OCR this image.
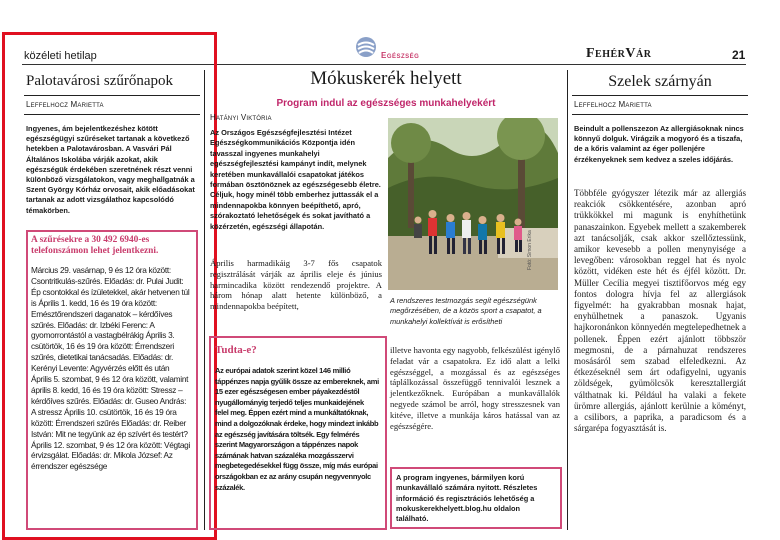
közéleti hetilap	Egészség	FehérVár	21
Palotavárosi szűrőnapok
Leffelhocz Marietta
Ingyenes, ám bejelentkezéshez kötött egészségügyi szűréseket tartanak a következő hetekben a Palotavárosban. A Vasvári Pál Általános Iskolába várják azokat, akik egészségük érdekében szeretnének részt venni különböző vizsgálatokon, vagy meghallgatnák a Szent György Kórház orvosait, akik előadásokat tartanak az adott vizsgálathoz kapcsolódó témakörben.
A szűrésekre a 30 492 6940-es telefonszámon lehet jelentkezni.
Március 29. vasárnap, 9 és 12 óra között: Csontritkulás-szűrés. Előadás: dr. Pulai Judit: Ép csontokkal és ízületekkel, akár hetvenen túl is Április 1. kedd, 16 és 19 óra között: Emésztőrendszeri daganatok – kérdőíves szűrés. Előadás: dr. Izbéki Ferenc: A gyomorrontástól a vastagbélrákig Április 3. csütörtök, 16 és 19 óra között: Érrendszeri szűrés, dietetikai tanácsadás. Előadás: dr. Kerényi Levente: Agyvérzés előtt és után Április 5. szombat, 9 és 12 óra között, valamint április 8. kedd, 16 és 19 óra között: Stressz – kérdőíves szűrés. Előadás: dr. Guseo András: A stressz Április 10. csütörtök, 16 és 19 óra között: Érrendszeri szűrés Előadás: dr. Reiber István: Mit ne tegyünk az ép szívért és testért? Április 12. szombat, 9 és 12 óra között: Végtagi érvizsgálat. Előadás: dr. Mikola József: Az érrendszer egészsége
Mókuskerék helyett
Program indul az egészséges munkahelyekért
Hatányi Viktória
Az Országos Egészségfejlesztési Intézet Egészségkommunikációs Központja idén tavasszal ingyenes munkahelyi egészségfejlesztési kampányt indít, melynek keretében munkavállalói csapatokat játékos formában ösztönöznek az egészségesebb életre. Céljuk, hogy minél több emberhez juttassák el a mindennapokba könnyen beépíthető, apró, szórakoztató lehetőségek és sokat javítható a közérzetén, egészségi állapotán.
Április harmadikáig 3-7 fős csapatok regisztrálását várják az április eleje és június harmincadika között rendezendő projektre. A három hónap alatt hetente különböző, a mindennapokba beépített,
Fotó: Simon Erika
A rendszeres testmozgás segít egészségünk megőrzésében, de a közös sport a csapatot, a munkahelyi kollektívát is erősítheti
Tudta-e?
Az európai adatok szerint közel 146 millió táppénzes napja gyűlik össze az embereknek, ami 15 ezer egészségesen ember páyakezdéstől nyugállományig terjedő teljes munkaidejének felel meg. Éppen ezért mind a munkáltatóknak, mind a dolgozóknak érdeke, hogy mindezt inkább az egészség javítására töltsék. Egy felmérés szerint Magyarországon a táppénzes napok számának hatvan százaléka mozgásszervi megbetegedésekkel függ össze, míg más európai országokban ez az arány csupán negyvennyolc százalék.
illetve havonta egy nagyobb, felkészülést igénylő feladat vár a csapatokra. Ez idő alatt a lelki egészséggel, a mozgással és az egészséges táplálkozással összefüggő tennivalói lesznek a jelentkezőknek. Európában a munkavállalók negyede számol be arról, hogy stresszesnek van kitéve, illetve a munkája káros hatással van az egészségére.
A program ingyenes, bármilyen korú munkavállaló számára nyitott. Részletes információ és regisztrációs lehetőség a mokuskerekhelyett.blog.hu oldalon található.
Szelek szárnyán
Leffelhocz Marietta
Beindult a pollenszezon Az allergiásoknak nincs könnyű dolguk. Virágzik a mogyoró és a tiszafa, de a kőris valamint az éger pollenjére érzékenyeknek sem kedvez a szeles időjárás.
Többféle gyógyszer létezik már az allergiás reakciók csökkentésére, azonban apró trükkökkel mi magunk is enyhíthetünk panaszainkon. Egyebek mellett a szakemberek azt tanácsolják, csak akkor szellőztessünk, amikor kevesebb a pollen menynyisége a levegőben: városokban reggel hat és nyolc között, vidéken este hét és éjfél között. Dr. Müller Cecília megyei tisztifőorvos még egy fontos dologra hívja fel az allergiások figyelmét: ha gyakrabban mosnak hajat, enyhülhetnek a panaszok. Ugyanis hajkoronánkon könnyedén megtelepedhetnek a pollenek. Éppen ezért ajánlott többször megmosni, de a párnahuzat rendszeres mosásáról sem szabad elfeledkezni. Az étkezéseknél sem árt odafigyelni, ugyanis zöldségek, gyümölcsök keresztallergiát válthatnak ki. Például ha valaki a fekete ürömre allergiás, ajánlott kerülnie a köményt, a csilibors, a paprika, a paradicsom és a sárgarépa fogyasztását is.
